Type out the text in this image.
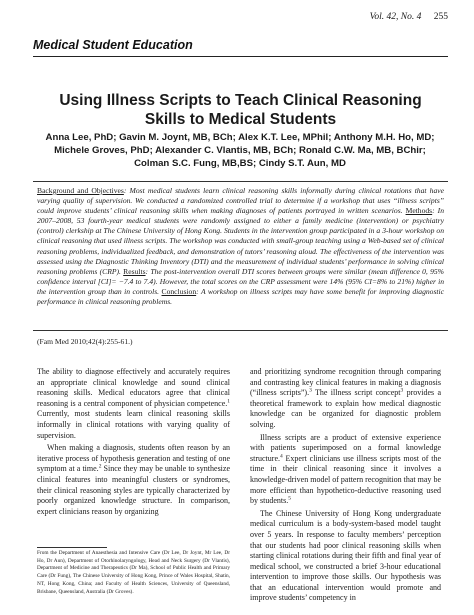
Vol. 42, No. 4 255
Medical Student Education
Using Illness Scripts to Teach Clinical Reasoning Skills to Medical Students
Anna Lee, PhD; Gavin M. Joynt, MB, BCh; Alex K.T. Lee, MPhil; Anthony M.H. Ho, MD; Michele Groves, PhD; Alexander C. Vlantis, MB, BCh; Ronald C.W. Ma, MB, BChir; Colman S.C. Fung, MB,BS; Cindy S.T. Aun, MD
Background and Objectives: Most medical students learn clinical reasoning skills informally during clinical rotations that have varying quality of supervision. We conducted a randomized controlled trial to determine if a workshop that uses “illness scripts” could improve students’ clinical reasoning skills when making diagnoses of patients portrayed in written scenarios. Methods: In 2007–2008, 53 fourth-year medical students were randomly assigned to either a family medicine (intervention) or psychiatry (control) clerkship at The Chinese University of Hong Kong. Students in the intervention group participated in a 3-hour workshop on clinical reasoning that used illness scripts. The workshop was conducted with small-group teaching using a Web-based set of clinical reasoning problems, individualized feedback, and demonstration of tutors’ reasoning aloud. The effectiveness of the intervention was assessed using the Diagnostic Thinking Inventory (DTI) and the measurement of individual students’ performance in solving clinical reasoning problems (CRP). Results: The post-intervention overall DTI scores between groups were similar (mean difference 0, 95% confidence interval [CI]= −7.4 to 7.4). However, the total scores on the CRP assessment were 14% (95% CI=8% to 21%) higher in the intervention group than in controls. Conclusion: A workshop on illness scripts may have some benefit for improving diagnostic performance in clinical reasoning problems.
(Fam Med 2010;42(4):255-61.)

The ability to diagnose effectively and accurately requires an appropriate clinical knowledge and sound clinical reasoning skills. Medical educators agree that clinical reasoning is a central component of physician competence.$^1$ Currently, most students learn clinical reasoning skills informally in clinical rotations with varying quality of supervision.

When making a diagnosis, students often reason by an iterative process of hypothesis generation and testing of one symptom at a time.$^2$ Since they may be unable to synthesize clinical features into meaningful clusters or syndromes, their clinical reasoning styles are typically characterized by poorly organized knowledge structure. In comparison, expert clinicians reason by organizing

and prioritizing syndrome recognition through comparing and contrasting key clinical features in making a diagnosis (“illness scripts”).$^3$ The illness script concept$^3$ provides a theoretical framework to explain how medical diagnostic knowledge can be organized for diagnostic problem solving.

Illness scripts are a product of extensive experience with patients superimposed on a formal knowledge structure.$^4$ Expert clinicians use illness scripts most of the time in their clinical reasoning since it involves a knowledge-driven model of pattern recognition that may be more efficient than hypothetico-deductive reasoning used by students.$^5$

The Chinese University of Hong Kong undergraduate medical curriculum is a body-system-based model taught over 5 years. In response to faculty members’ perception that our students had poor clinical reasoning skills when starting clinical rotations during their fifth and final year of medical school, we constructed a brief 3-hour educational intervention to improve those skills. Our hypothesis was that an educational intervention would promote and improve students’ competency in

From the Department of Anaesthesia and Intensive Care (Dr Lee, Dr Joynt, Mr Lee, Dr Ho, Dr Aun), Department of Otorhinolaryngology, Head and Neck Surgery (Dr Vlantis), Department of Medicine and Therapeutics (Dr Ma), School of Public Health and Primary Care (Dr Fung), The Chinese University of Hong Kong, Prince of Wales Hospital, Shatin, NT, Hong Kong, China; and Faculty of Health Sciences, University of Queensland, Brisbane, Queensland, Australia (Dr Groves).
